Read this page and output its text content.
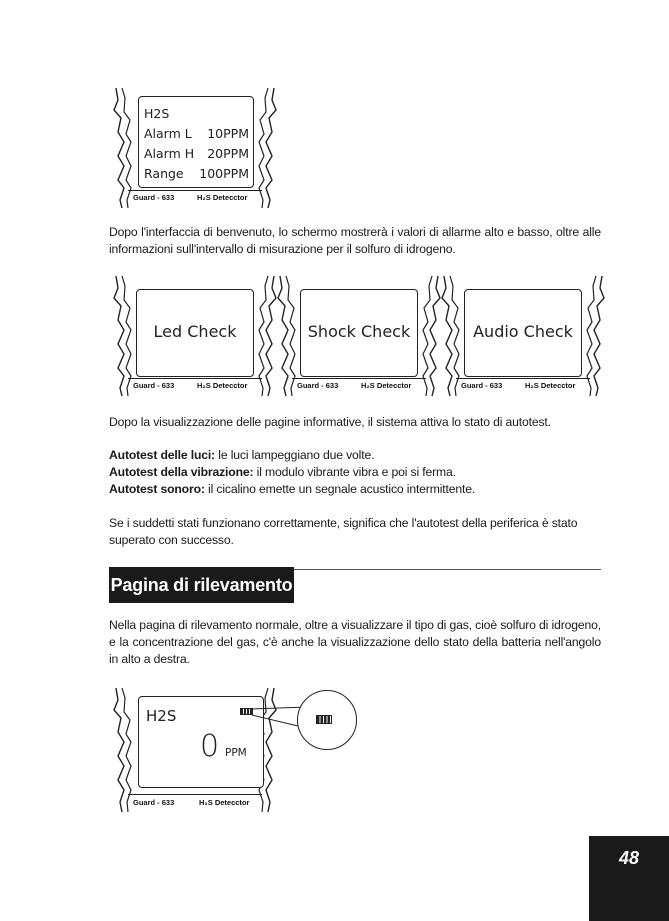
H2S
Alarm L 10PPM
Alarm H 20PPM
Range 100PPM
Guard - 633	H₂S Detecctor

Dopo l'interfaccia di benvenuto, lo schermo mostrerà i valori di allarme alto e basso, oltre alle informazioni sull'intervallo di misurazione per il solfuro di idrogeno.

Led Check
Guard - 633	H₂S Detecctor
Shock Check
Guard - 633	H₂S Detecctor
Audio Check
Guard - 633	H₂S Detecctor

Dopo la visualizzazione delle pagine informative, il sistema attiva lo stato di autotest.

Autotest delle luci: le luci lampeggiano due volte.
Autotest della vibrazione: il modulo vibrante vibra e poi si ferma.
Autotest sonoro: il cicalino emette un segnale acustico intermittente.

Se i suddetti stati funzionano correttamente, significa che l'autotest della periferica è stato superato con successo.

Pagina di rilevamento

Nella pagina di rilevamento normale, oltre a visualizzare il tipo di gas, cioè solfuro di idrogeno, e la concentrazione del gas, c'è anche la visualizzazione dello stato della batteria nell'angolo in alto a destra.

H2S
0 PPM
Guard - 633	H₂S Detecctor
48
